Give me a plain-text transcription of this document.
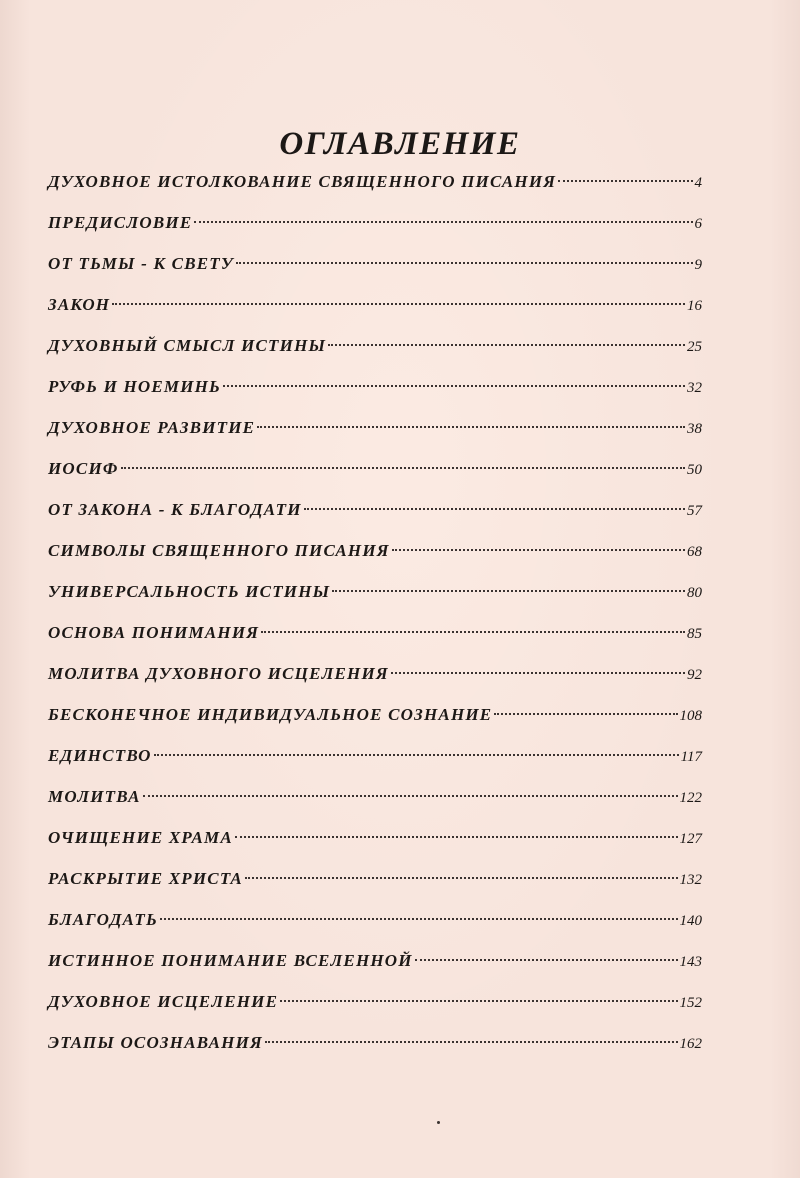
ОГЛАВЛЕНИЕ
ДУХОВНОЕ ИСТОЛКОВАНИЕ СВЯЩЕННОГО ПИСАНИЯ	4
ПРЕДИСЛОВИЕ	6
ОТ ТЬМЫ - К СВЕТУ	9
ЗАКОН	16
ДУХОВНЫЙ СМЫСЛ ИСТИНЫ	25
РУФЬ И НОЕМИНЬ	32
ДУХОВНОЕ РАЗВИТИЕ	38
ИОСИФ	50
ОТ ЗАКОНА - К БЛАГОДАТИ	57
СИМВОЛЫ СВЯЩЕННОГО ПИСАНИЯ	68
УНИВЕРСАЛЬНОСТЬ ИСТИНЫ	80
ОСНОВА ПОНИМАНИЯ	85
МОЛИТВА ДУХОВНОГО ИСЦЕЛЕНИЯ	92
БЕСКОНЕЧНОЕ ИНДИВИДУАЛЬНОЕ СОЗНАНИЕ	108
ЕДИНСТВО	117
МОЛИТВА	122
ОЧИЩЕНИЕ ХРАМА	127
РАСКРЫТИЕ ХРИСТА	132
БЛАГОДАТЬ	140
ИСТИННОЕ ПОНИМАНИЕ ВСЕЛЕННОЙ	143
ДУХОВНОЕ ИСЦЕЛЕНИЕ	152
ЭТАПЫ ОСОЗНАВАНИЯ	162
